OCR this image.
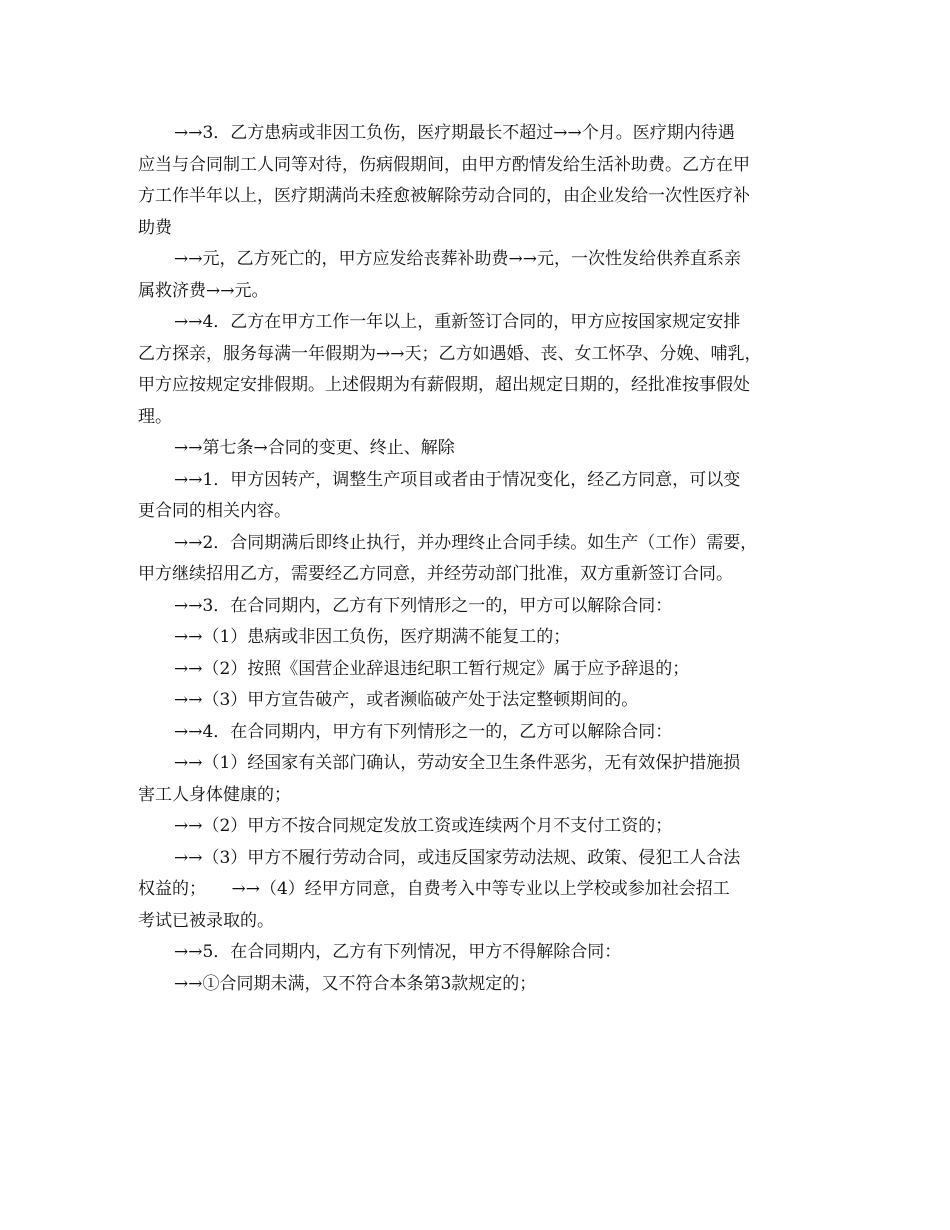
→→3．乙方患病或非因工负伤，医疗期最长不超过→→个月。医疗期内待遇
应当与合同制工人同等对待，伤病假期间，由甲方酌情发给生活补助费。乙方在甲
方工作半年以上，医疗期满尚未痊愈被解除劳动合同的，由企业发给一次性医疗补
助费
→→元，乙方死亡的，甲方应发给丧葬补助费→→元，一次性发给供养直系亲
属救济费→→元。
→→4．乙方在甲方工作一年以上，重新签订合同的，甲方应按国家规定安排
乙方探亲，服务每满一年假期为→→天；乙方如遇婚、丧、女工怀孕、分娩、哺乳，
甲方应按规定安排假期。上述假期为有薪假期，超出规定日期的，经批准按事假处
理。
→→第七条→合同的变更、终止、解除
→→1．甲方因转产，调整生产项目或者由于情况变化，经乙方同意，可以变
更合同的相关内容。
→→2．合同期满后即终止执行，并办理终止合同手续。如生产（工作）需要，
甲方继续招用乙方，需要经乙方同意，并经劳动部门批准，双方重新签订合同。
→→3．在合同期内，乙方有下列情形之一的，甲方可以解除合同：
→→（1）患病或非因工负伤，医疗期满不能复工的；
→→（2）按照《国营企业辞退违纪职工暂行规定》属于应予辞退的；
→→（3）甲方宣告破产，或者濒临破产处于法定整顿期间的。
→→4．在合同期内，甲方有下列情形之一的，乙方可以解除合同：
→→（1）经国家有关部门确认，劳动安全卫生条件恶劣，无有效保护措施损
害工人身体健康的；
→→（2）甲方不按合同规定发放工资或连续两个月不支付工资的；
→→（3）甲方不履行劳动合同，或违反国家劳动法规、政策、侵犯工人合法
权益的；　　→→（4）经甲方同意，自费考入中等专业以上学校或参加社会招工
考试已被录取的。
→→5．在合同期内，乙方有下列情况，甲方不得解除合同：
→→①合同期未满，又不符合本条第3款规定的；
